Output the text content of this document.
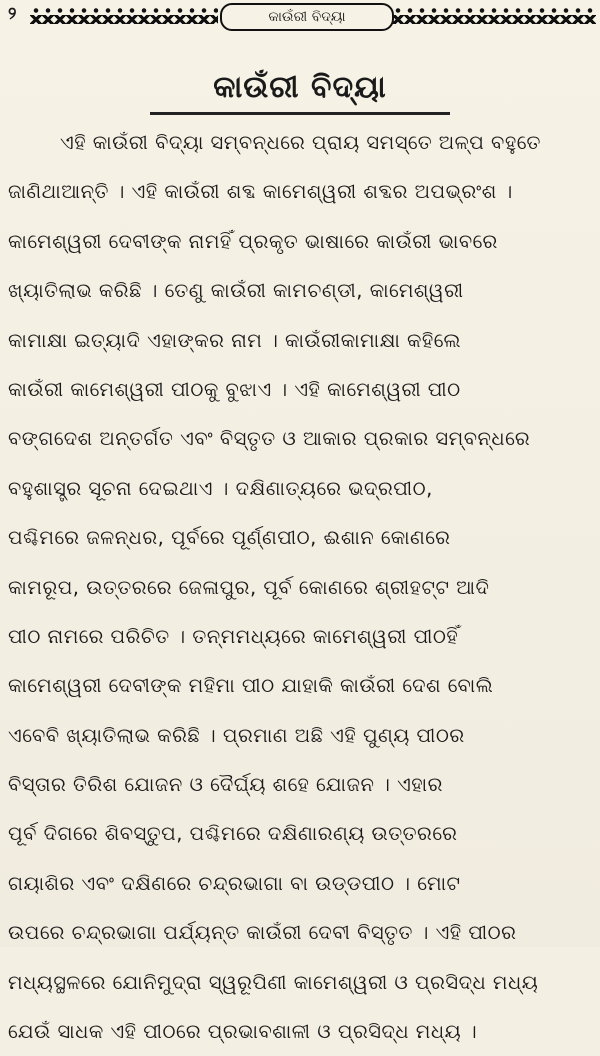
୨	କାଉଁରୀ ବିଦ୍ୟା
କାଉଁରୀ ବିଦ୍ୟା
ଏହି କାଉଁରୀ ବିଦ୍ୟା ସମ୍ବନ୍ଧରେ ପ୍ରାୟ ସମସ୍ତେ ଅଳ୍ପ ବହୁତେ
ଜାଣିଥାଆନ୍ତି । ଏହି କାଉଁରୀ ଶବ୍ଦ କାମେଶ୍ୱରୀ ଶବ୍ଦର ଅପଭ୍ରଂଶ ।
କାମେଶ୍ୱରୀ ଦେବୀଙ୍କ ନାମହିଁ ପ୍ରକୃତ ଭାଷାରେ କାଉଁରୀ ଭାବରେ
ଖ୍ୟାତିଲାଭ କରିଛି । ତେଣୁ କାଉଁରୀ କାମଚଣ୍ଡୀ, କାମେଶ୍ୱରୀ
କାମାକ୍ଷା ଇତ୍ୟାଦି ଏହାଙ୍କର ନାମ । କାଉଁରୀକାମାକ୍ଷା କହିଲେ
କାଉଁରୀ କାମେଶ୍ୱରୀ ପୀଠକୁ ବୁଝାଏ । ଏହି କାମେଶ୍ୱରୀ ପୀଠ
ବଙ୍ଗଦେଶ ଅନ୍ତର୍ଗତ ଏବଂ ବିସ୍ତୃତ ଓ ଆକାର ପ୍ରକାର ସମ୍ବନ୍ଧରେ
ବହୁଶାସ୍ତ୍ର ସୂଚନା ଦେଇଥାଏ । ଦକ୍ଷିଣାତ୍ୟରେ ଭଦ୍ରପୀଠ,
ପଶ୍ଚିମରେ ଜଳନ୍ଧର, ପୂର୍ବରେ ପୂର୍ଣ୍ଣପୀଠ, ଈଶାନ କୋଣରେ
କାମରୂପ, ଉତ୍ତରରେ ଜେଳାପୁର, ପୂର୍ବ କୋଣରେ ଶ୍ରୀହଟ୍ଟ ଆଦି
ପୀଠ ନାମରେ ପରିଚିତ । ତନ୍ମମଧ୍ୟରେ କାମେଶ୍ୱରୀ ପୀଠହିଁ
କାମେଶ୍ୱରୀ ଦେବୀଙ୍କ ମହିମା ପୀଠ ଯାହାକି କାଉଁରୀ ଦେଶ ବୋଲି
ଏବେବି ଖ୍ୟାତିଲାଭ କରିଛି । ପ୍ରମାଣ ଅଛି ଏହି ପୁଣ୍ୟ ପୀଠର
ବିସ୍ତାର ତିରିଶ ଯୋଜନ ଓ ଦୈର୍ଘ୍ୟ ଶହେ ଯୋଜନ । ଏହାର
ପୂର୍ବ ଦିଗରେ ଶିବସ୍ତୁପ, ପଶ୍ଚିମରେ ଦକ୍ଷିଣାରଣ୍ୟ ଉତ୍ତରରେ
ଗୟାଶିର ଏବଂ ଦକ୍ଷିଣରେ ଚନ୍ଦ୍ରଭାଗା ବା ଉଡ୍ଡପୀଠ । ମୋଟ
ଉପରେ ଚନ୍ଦ୍ରଭାଗା ପର୍ଯ୍ୟନ୍ତ କାଉଁରୀ ଦେବୀ ବିସ୍ତୃତ । ଏହି ପୀଠର
ମଧ୍ୟସ୍ଥଳରେ ଯୋନିମୁଦ୍ରା ସ୍ୱରୂପିଣୀ କାମେଶ୍ୱରୀ ଓ ପ୍ରସିଦ୍ଧ ମଧ୍ୟ
ଯେଉଁ ସାଧକ ଏହି ପୀଠରେ ପ୍ରଭାବଶାଳୀ ଓ ପ୍ରସିଦ୍ଧ ମଧ୍ୟ ।
